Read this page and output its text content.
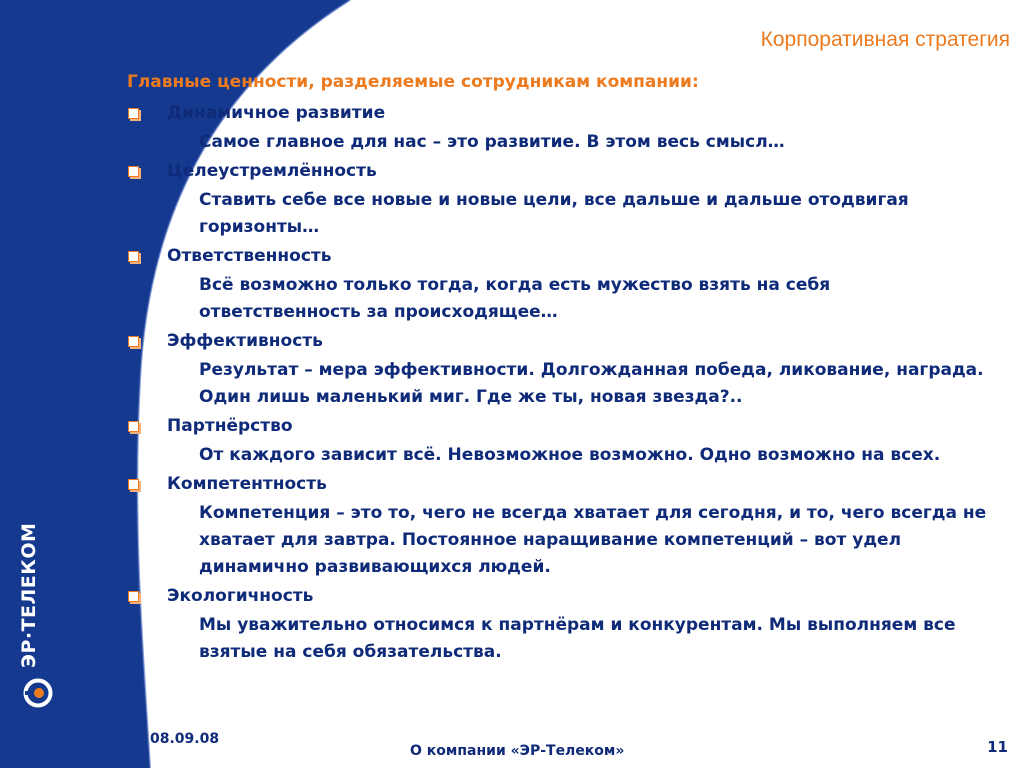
ЭР·ТЕЛЕКОМ
Корпоративная стратегия

Главные ценности, разделяемые сотрудникам компании:

Динамичное развитие
Самое главное для нас – это развитие. В этом весь смысл…
Целеустремлённость
Ставить себе все новые и новые цели, все дальше и дальше отодвигая горизонты…
Ответственность
Всё возможно только тогда, когда есть мужество взять на себя ответственность за происходящее…
Эффективность
Результат – мера эффективности. Долгожданная победа, ликование, награда. Один лишь маленький миг. Где же ты, новая звезда?..
Партнёрство
От каждого зависит всё. Невозможное возможно. Одно возможно на всех.
Компетентность
Компетенция – это то, чего не всегда хватает для сегодня, и то, чего всегда не хватает для завтра. Постоянное наращивание компетенций – вот удел динамично развивающихся людей.
Экологичность
Мы уважительно относимся к партнёрам и конкурентам. Мы выполняем все взятые на себя обязательства.
08.09.08
О компании «ЭР-Телеком»	11
